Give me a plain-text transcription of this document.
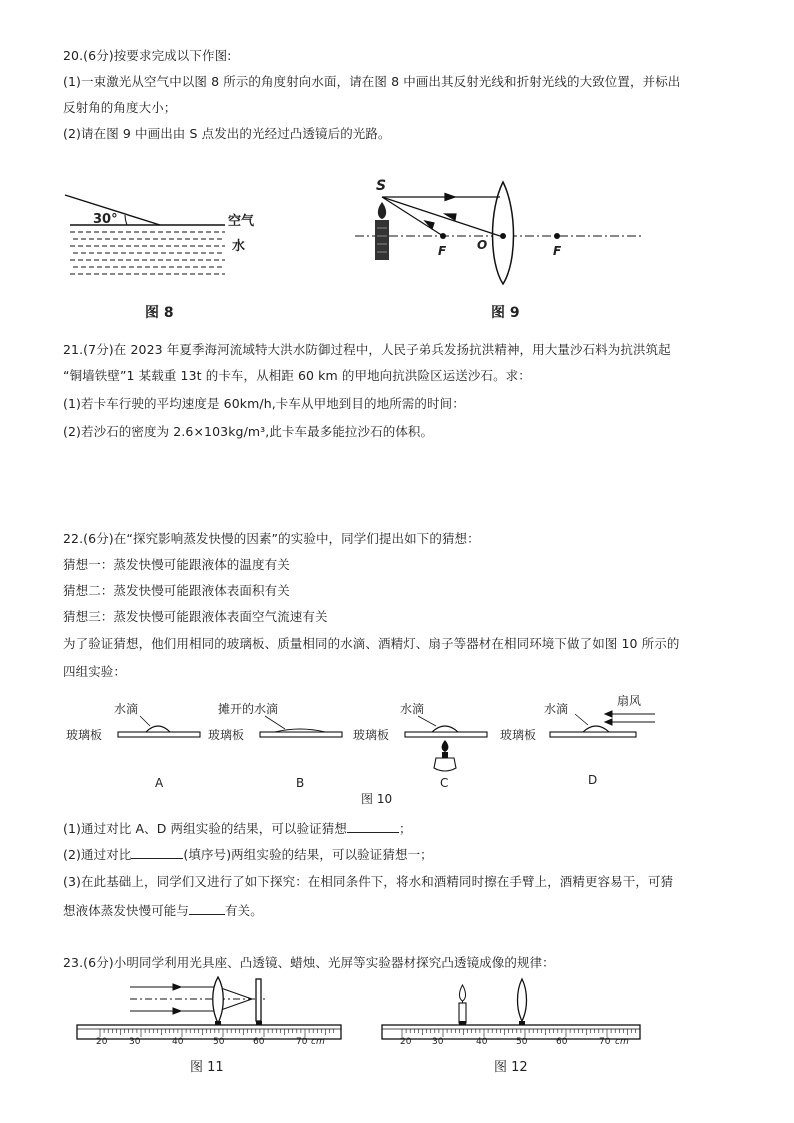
20.(6分)按要求完成以下作图:
(1)一束激光从空气中以图 8 所示的角度射向水面，请在图 8 中画出其反射光线和折射光线的大致位置，并标出
反射角的角度大小；
(2)请在图 9 中画出由 S 点发出的光经过凸透镜后的光路。
30°	空气
水
图 8
S
F	O	F
图 9
21.(7分)在 2023 年夏季海河流域特大洪水防御过程中，人民子弟兵发扬抗洪精神，用大量沙石料为抗洪筑起
“铜墙铁壁”1 某载重 13t 的卡车，从相距 60 km 的甲地向抗洪险区运送沙石。求：
(1)若卡车行驶的平均速度是 60km/h,卡车从甲地到目的地所需的时间：
(2)若沙石的密度为 2.6×103kg/m³,此卡车最多能拉沙石的体积。
22.(6分)在“探究影响蒸发快慢的因素”的实验中，同学们提出如下的猜想：
猜想一：蒸发快慢可能跟液体的温度有关
猜想二：蒸发快慢可能跟液体表面积有关
猜想三：蒸发快慢可能跟液体表面空气流速有关
为了验证猜想，他们用相同的玻璃板、质量相同的水滴、酒精灯、扇子等器材在相同环境下做了如图 10 所示的
四组实验：
水滴
玻璃板
A
摊开的水滴
玻璃板
B
水滴
玻璃板
C
水滴
玻璃板
扇风
D
图 10
(1)通过对比 A、D 两组实验的结果，可以验证猜想	；
(2)通过对比	(填序号)两组实验的结果，可以验证猜想一；
(3)在此基础上，同学们又进行了如下探究：在相同条件下，将水和酒精同时擦在手臂上，酒精更容易干，可猜
想液体蒸发快慢可能与	有关。
23.(6分)小明同学利用光具座、凸透镜、蜡烛、光屏等实验器材探究凸透镜成像的规律：
20 30	40	50	60	70 cm
图 11
20 30	40	50	60	70 cm
图 12
